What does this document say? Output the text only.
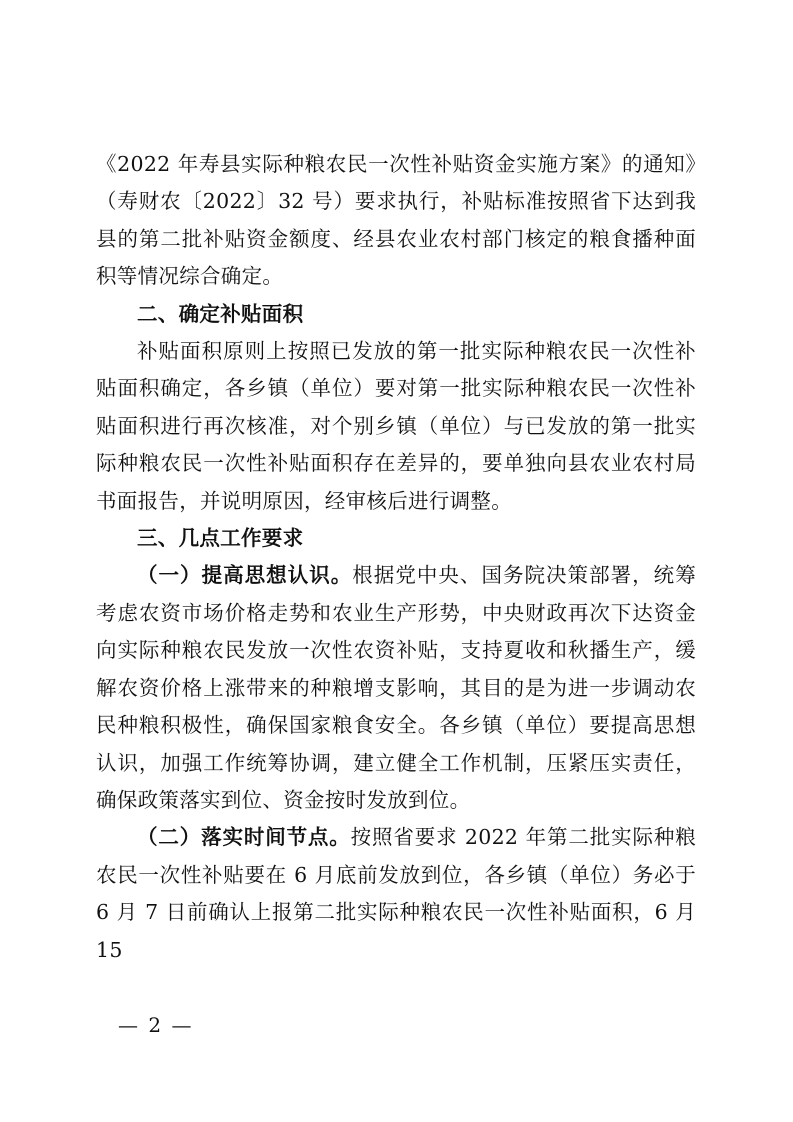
《2022 年寿县实际种粮农民一次性补贴资金实施方案》的通知》（寿财农〔2022〕32 号）要求执行，补贴标准按照省下达到我县的第二批补贴资金额度、经县农业农村部门核定的粮食播种面积等情况综合确定。

二、确定补贴面积

补贴面积原则上按照已发放的第一批实际种粮农民一次性补贴面积确定，各乡镇（单位）要对第一批实际种粮农民一次性补贴面积进行再次核准，对个别乡镇（单位）与已发放的第一批实际种粮农民一次性补贴面积存在差异的，要单独向县农业农村局书面报告，并说明原因，经审核后进行调整。

三、几点工作要求

（一）提高思想认识。根据党中央、国务院决策部署，统筹考虑农资市场价格走势和农业生产形势，中央财政再次下达资金向实际种粮农民发放一次性农资补贴，支持夏收和秋播生产，缓解农资价格上涨带来的种粮增支影响，其目的是为进一步调动农民种粮积极性，确保国家粮食安全。各乡镇（单位）要提高思想认识，加强工作统筹协调，建立健全工作机制，压紧压实责任，确保政策落实到位、资金按时发放到位。

（二）落实时间节点。按照省要求 2022 年第二批实际种粮农民一次性补贴要在 6 月底前发放到位，各乡镇（单位）务必于 6 月 7 日前确认上报第二批实际种粮农民一次性补贴面积，6 月 15

— 2 —
